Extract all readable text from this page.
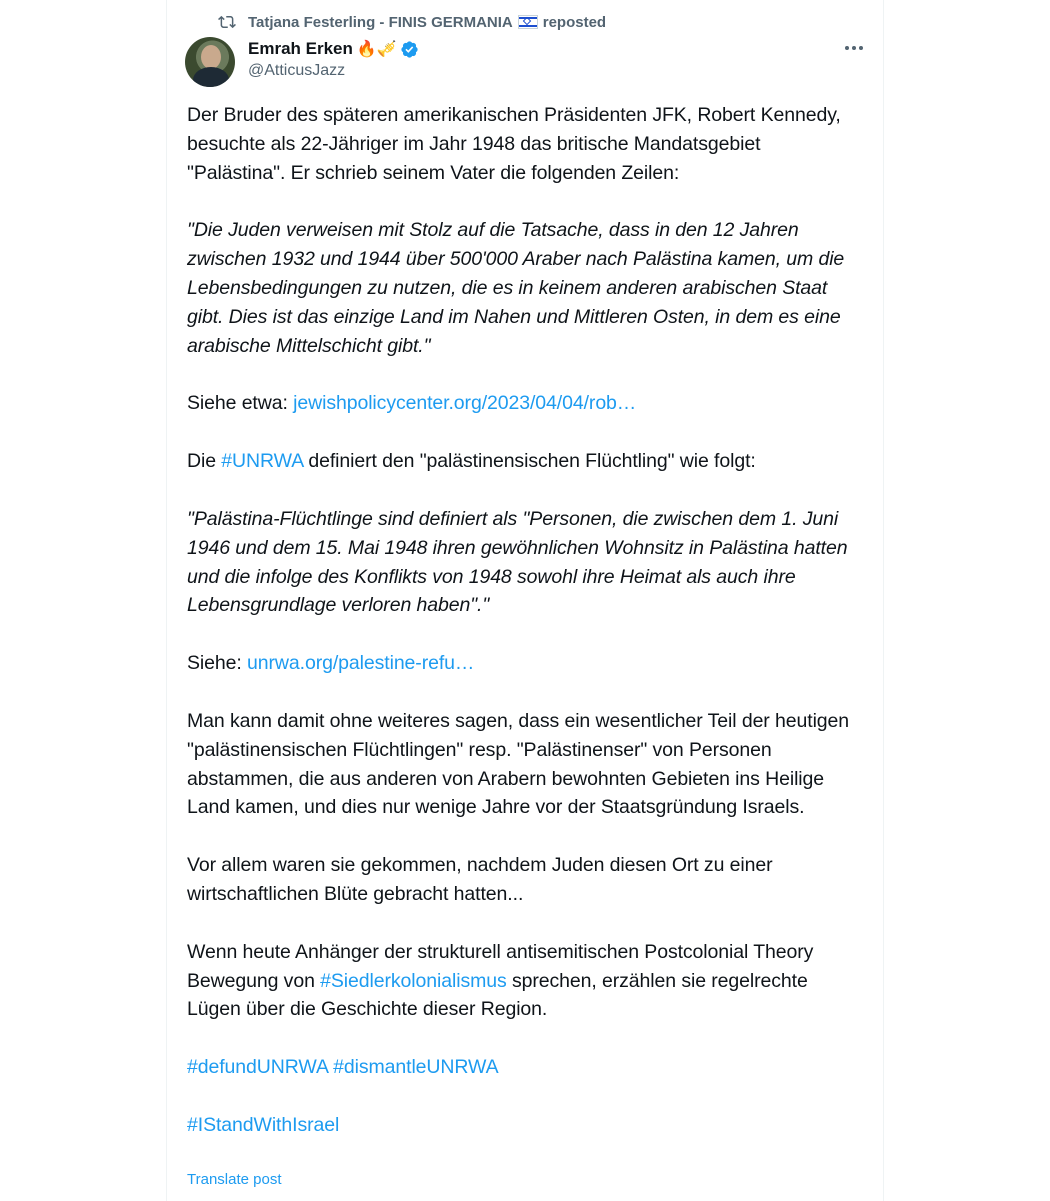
Tatjana Festerling - FINIS GERMANIA reposted
Emrah Erken 🔥🎺
@AtticusJazz

Der Bruder des späteren amerikanischen Präsidenten JFK, Robert Kennedy, besuchte als 22-Jähriger im Jahr 1948 das britische Mandatsgebiet "Palästina". Er schrieb seinem Vater die folgenden Zeilen:

"Die Juden verweisen mit Stolz auf die Tatsache, dass in den 12 Jahren zwischen 1932 und 1944 über 500'000 Araber nach Palästina kamen, um die Lebensbedingungen zu nutzen, die es in keinem anderen arabischen Staat gibt. Dies ist das einzige Land im Nahen und Mittleren Osten, in dem es eine arabische Mittelschicht gibt."

Siehe etwa: jewishpolicycenter.org/2023/04/04/rob…

Die #UNRWA definiert den "palästinensischen Flüchtling" wie folgt:

"Palästina-Flüchtlinge sind definiert als "Personen, die zwischen dem 1. Juni 1946 und dem 15. Mai 1948 ihren gewöhnlichen Wohnsitz in Palästina hatten und die infolge des Konflikts von 1948 sowohl ihre Heimat als auch ihre Lebensgrundlage verloren haben"."

Siehe: unrwa.org/palestine-refu…

Man kann damit ohne weiteres sagen, dass ein wesentlicher Teil der heutigen "palästinensischen Flüchtlingen" resp. "Palästinenser" von Personen abstammen, die aus anderen von Arabern bewohnten Gebieten ins Heilige Land kamen, und dies nur wenige Jahre vor der Staatsgründung Israels.

Vor allem waren sie gekommen, nachdem Juden diesen Ort zu einer wirtschaftlichen Blüte gebracht hatten...

Wenn heute Anhänger der strukturell antisemitischen Postcolonial Theory Bewegung von #Siedlerkolonialismus sprechen, erzählen sie regelrechte Lügen über die Geschichte dieser Region.

#defundUNRWA #dismantleUNRWA

#IStandWithIsrael

Translate post
